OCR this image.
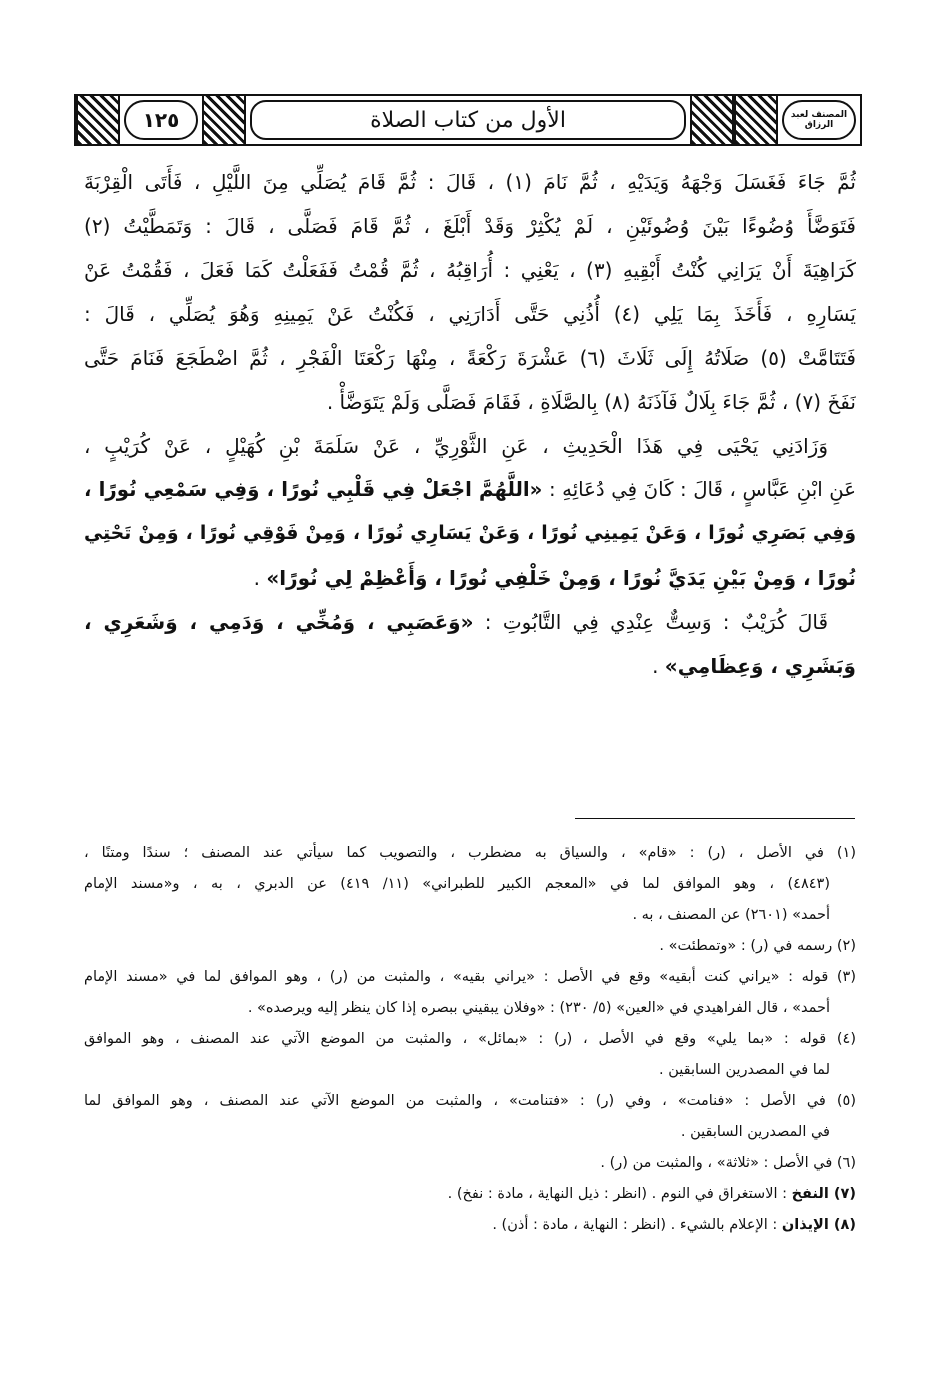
١٢٥	الأول من كتاب الصلاة	المصنف لعبد الرزاق
ثُمَّ جَاءَ فَغَسَلَ وَجْهَهُ وَيَدَيْهِ ، ثُمَّ نَامَ (١) ، قَالَ : ثُمَّ قَامَ يُصَلِّي مِنَ اللَّيْلِ ، فَأَتَى الْقِرْبَةَ
فَتَوَضَّأَ وُضُوءًا بَيْنَ وُضُوئَيْنِ ، لَمْ يُكْثِرْ وَقَدْ أَبْلَغَ ، ثُمَّ قَامَ فَصَلَّى ، قَالَ : وَتَمَطَّيْتُ (٢)
كَرَاهِيَةَ أَنْ يَرَانِي كُنْتُ أَبْقِيهِ (٣) ، يَعْنِي : أُرَاقِبُهُ ، ثُمَّ قُمْتُ فَفَعَلْتُ كَمَا فَعَلَ ، فَقُمْتُ عَنْ
يَسَارِهِ ، فَأَخَذَ بِمَا يَلِي (٤) أُذُنِي حَتَّى أَدَارَنِي ، فَكُنْتُ عَنْ يَمِينِهِ وَهُوَ يُصَلِّي ، قَالَ :
فَتَتَامَّتْ (٥) صَلَاتُهُ إِلَى ثَلَاثَ (٦) عَشْرَةَ رَكْعَةً ، مِنْهَا رَكْعَتَا الْفَجْرِ ، ثُمَّ اضْطَجَعَ فَنَامَ حَتَّى
نَفَخَ (٧) ، ثُمَّ جَاءَ بِلَالٌ فَآذَنَهُ (٨) بِالصَّلَاةِ ، فَقَامَ فَصَلَّى وَلَمْ يَتَوَضَّأْ .
وَزَادَنِي يَحْيَى فِي هَذَا الْحَدِيثِ ، عَنِ الثَّوْرِيِّ ، عَنْ سَلَمَةَ بْنِ كُهَيْلٍ ، عَنْ كُرَيْبٍ ،
عَنِ ابْنِ عَبَّاسٍ ، قَالَ : كَانَ فِي دُعَائِهِ : «اللَّهُمَّ اجْعَلْ فِي قَلْبِي نُورًا ، وَفِي سَمْعِي نُورًا ،
وَفِي بَصَرِي نُورًا ، وَعَنْ يَمِينِي نُورًا ، وَعَنْ يَسَارِي نُورًا ، وَمِنْ فَوْقِي نُورًا ، وَمِنْ تَحْتِي
نُورًا ، وَمِنْ بَيْنِ يَدَيَّ نُورًا ، وَمِنْ خَلْفِي نُورًا ، وَأَعْظِمْ لِي نُورًا» .
قَالَ كُرَيْبٌ : وَسِتٌّ عِنْدِي فِي التَّابُوتِ : «وَعَصَبِي ، وَمُخِّي ، وَدَمِي ، وَشَعَرِي ،
وَبَشَرِي ، وَعِظَامِي» .
(١) في الأصل ، (ر) : «قام» ، والسياق به مضطرب ، والتصويب كما سيأتي عند المصنف ؛ سندًا ومتنًا ،
(٤٨٤٣) ، وهو الموافق لما في «المعجم الكبير للطبراني» (١١/ ٤١٩) عن الدبري ، به ، و«مسند الإمام
أحمد» (٢٦٠١) عن المصنف ، به .
(٢) رسمه في (ر) : «وتمطئت» .
(٣) قوله : «يراني كنت أبقيه» وقع في الأصل : «يراني بقيه» ، والمثبت من (ر) ، وهو الموافق لما في «مسند الإمام
أحمد» ، قال الفراهيدي في «العين» (٥/ ٢٣٠) : «وفلان يبقيني ببصره إذا كان ينظر إليه ويرصده» .
(٤) قوله : «بما يلي» وقع في الأصل ، (ر) : «بمائل» ، والمثبت من الموضع الآتي عند المصنف ، وهو الموافق
لما في المصدرين السابقين .
(٥) في الأصل : «فنامت» ، وفي (ر) : «فتنامت» ، والمثبت من الموضع الآتي عند المصنف ، وهو الموافق لما
في المصدرين السابقين .
(٦) في الأصل : «ثلاثة» ، والمثبت من (ر) .
(٧) النفخ : الاستغراق في النوم . (انظر : ذيل النهاية ، مادة : نفخ) .
(٨) الإيذان : الإعلام بالشيء . (انظر : النهاية ، مادة : أذن) .
